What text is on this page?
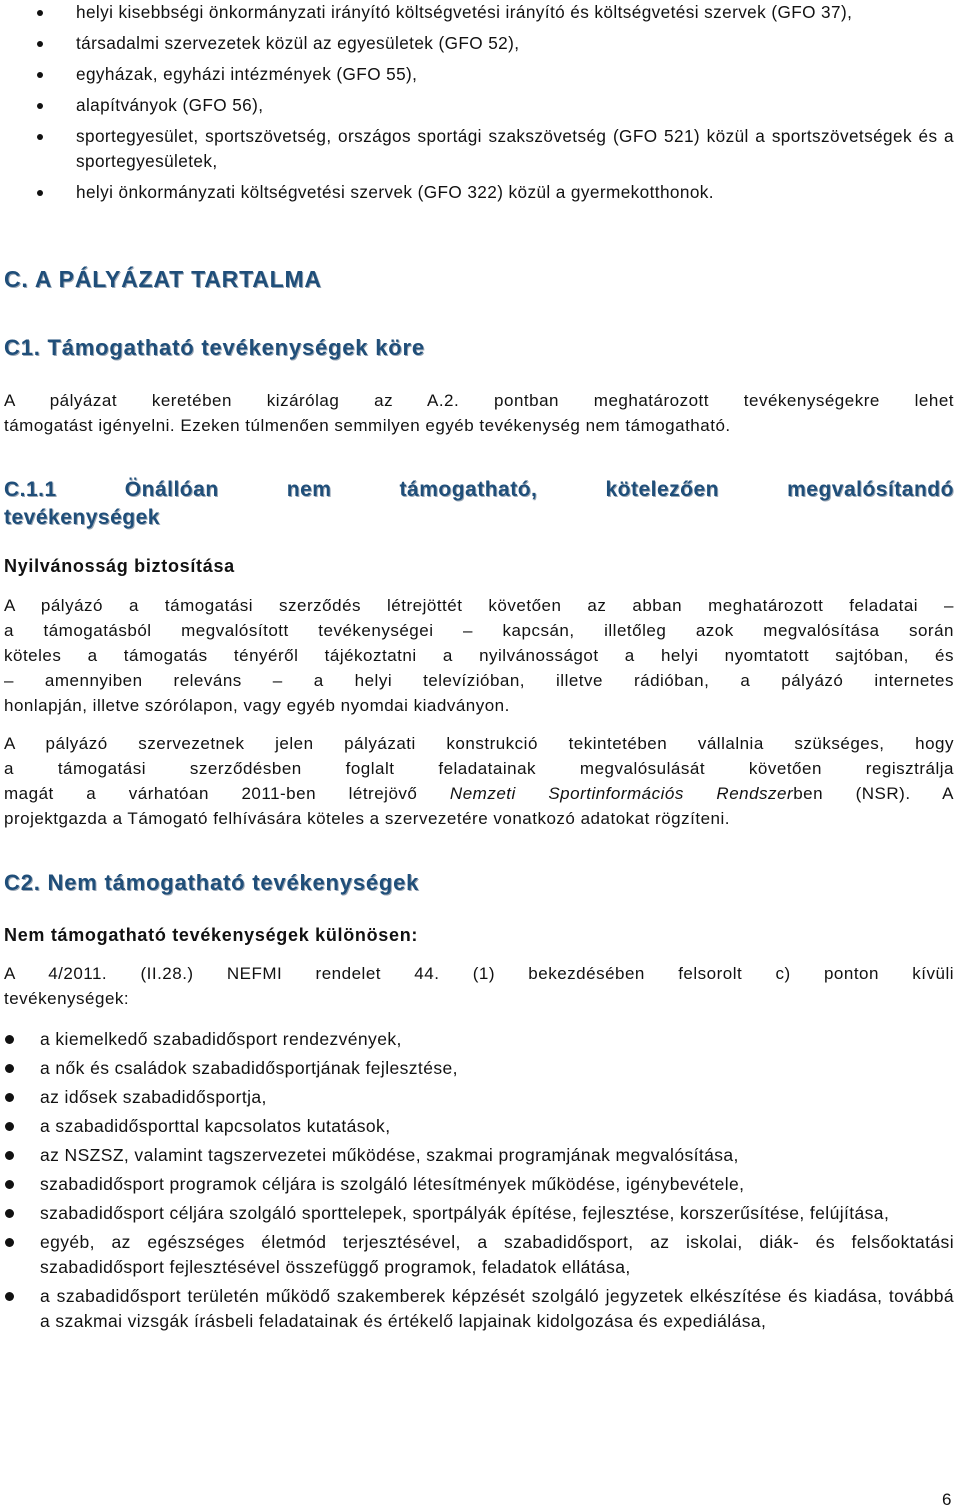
helyi kisebbségi önkormányzati irányító költségvetési irányító és költségvetési szervek (GFO 37),
társadalmi szervezetek közül az egyesületek (GFO 52),
egyházak, egyházi intézmények (GFO 55),
alapítványok (GFO 56),
sportegyesület, sportszövetség, országos sportági szakszövetség (GFO 521) közül a sportszövetségek és a sportegyesületek,
helyi önkormányzati költségvetési szervek (GFO 322) közül a gyermekotthonok.
C. A PÁLYÁZAT TARTALMA
C1. Támogatható tevékenységek köre
A pályázat keretében kizárólag az A.2. pontban meghatározott tevékenységekre lehet
támogatást igényelni. Ezeken túlmenően semmilyen egyéb tevékenység nem támogatható.
C.1.1	Önállóan	nem	támogatható,	kötelezően	megvalósítandó
tevékenységek
Nyilvánosság biztosítása
A pályázó a támogatási szerződés létrejöttét követően az abban meghatározott feladatai –
a támogatásból megvalósított tevékenységei – kapcsán, illetőleg azok megvalósítása során
köteles a támogatás tényéről tájékoztatni a nyilvánosságot a helyi nyomtatott sajtóban, és
– amennyiben releváns – a helyi televízióban, illetve rádióban, a pályázó internetes
honlapján, illetve szórólapon, vagy egyéb nyomdai kiadványon.
A pályázó szervezetnek jelen pályázati konstrukció tekintetében vállalnia szükséges, hogy
a támogatási szerződésben foglalt feladatainak megvalósulását követően regisztrálja
magát a várhatóan 2011-ben létrejövő Nemzeti Sportinformációs Rendszerben (NSR). A
projektgazda a Támogató felhívására köteles a szervezetére vonatkozó adatokat rögzíteni.
C2. Nem támogatható tevékenységek
Nem támogatható tevékenységek különösen:
A 4/2011. (II.28.) NEFMI rendelet 44. (1) bekezdésében felsorolt c) ponton kívüli
tevékenységek:
a kiemelkedő szabadidősport rendezvények,
a nők és családok szabadidősportjának fejlesztése,
az idősek szabadidősportja,
a szabadidősporttal kapcsolatos kutatások,
az NSZSZ, valamint tagszervezetei működése, szakmai programjának megvalósítása,
szabadidősport programok céljára is szolgáló létesítmények működése, igénybevétele,
szabadidősport céljára szolgáló sporttelepek, sportpályák építése, fejlesztése, korszerűsítése, felújítása,
egyéb, az egészséges életmód terjesztésével, a szabadidősport, az iskolai, diák- és felsőoktatási szabadidősport fejlesztésével összefüggő programok, feladatok ellátása,
a szabadidősport területén működő szakemberek képzését szolgáló jegyzetek elkészítése és kiadása, továbbá a szakmai vizsgák írásbeli feladatainak és értékelő lapjainak kidolgozása és expediálása,
6
